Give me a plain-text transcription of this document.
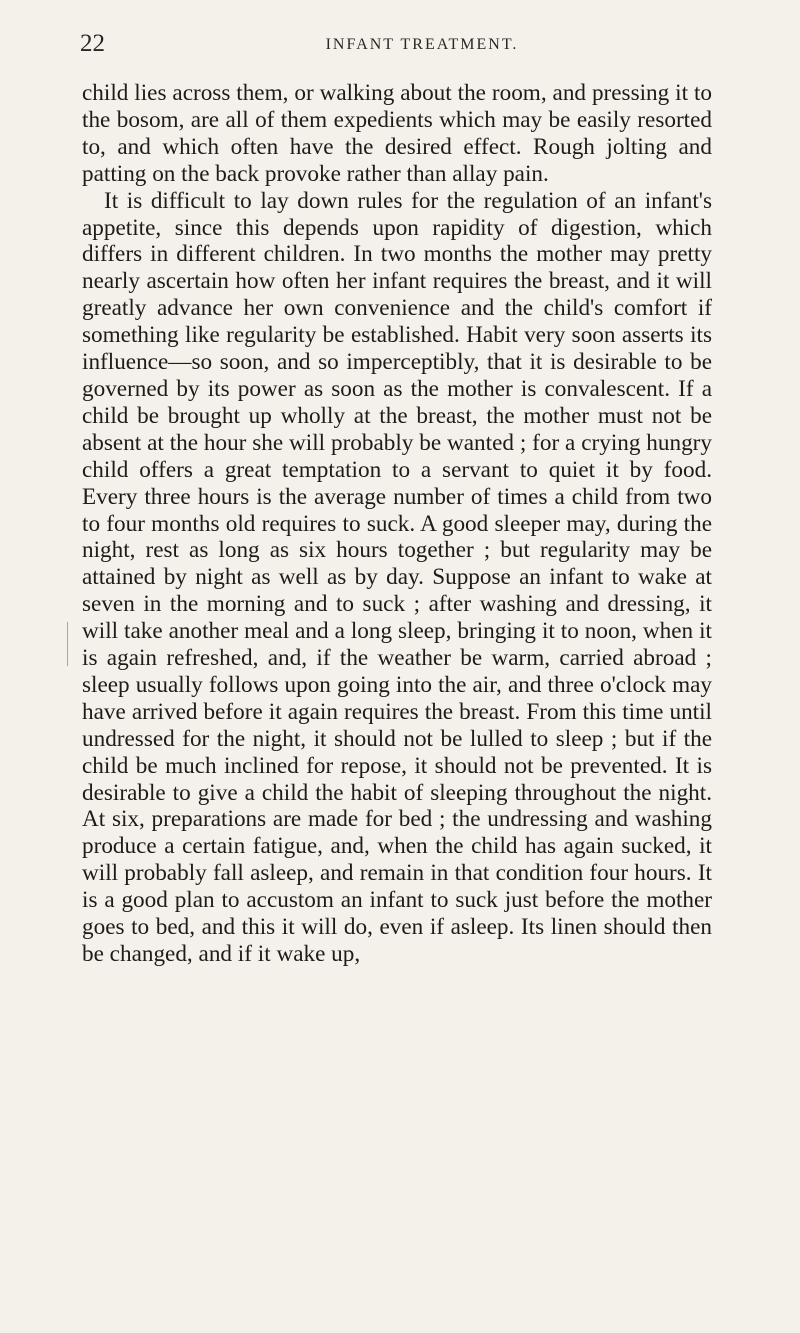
22	INFANT TREATMENT.

child lies across them, or walking about the room, and pressing it to the bosom, are all of them expedients which may be easily resorted to, and which often have the desired effect. Rough jolting and patting on the back provoke rather than allay pain.

It is difficult to lay down rules for the regulation of an infant's appetite, since this depends upon rapidity of digestion, which differs in different children. In two months the mother may pretty nearly ascertain how often her infant requires the breast, and it will greatly advance her own convenience and the child's comfort if something like regularity be established. Habit very soon asserts its influence—so soon, and so imperceptibly, that it is desirable to be governed by its power as soon as the mother is convalescent. If a child be brought up wholly at the breast, the mother must not be absent at the hour she will probably be wanted ; for a crying hungry child offers a great temptation to a servant to quiet it by food. Every three hours is the average number of times a child from two to four months old requires to suck. A good sleeper may, during the night, rest as long as six hours together ; but regularity may be attained by night as well as by day. Suppose an infant to wake at seven in the morning and to suck ; after washing and dressing, it will take another meal and a long sleep, bringing it to noon, when it is again refreshed, and, if the weather be warm, carried abroad ; sleep usually follows upon going into the air, and three o'clock may have arrived before it again requires the breast. From this time until undressed for the night, it should not be lulled to sleep ; but if the child be much inclined for repose, it should not be prevented. It is desirable to give a child the habit of sleeping throughout the night. At six, preparations are made for bed ; the undressing and washing produce a certain fatigue, and, when the child has again sucked, it will probably fall asleep, and remain in that condition four hours. It is a good plan to accustom an infant to suck just before the mother goes to bed, and this it will do, even if asleep. Its linen should then be changed, and if it wake up,
